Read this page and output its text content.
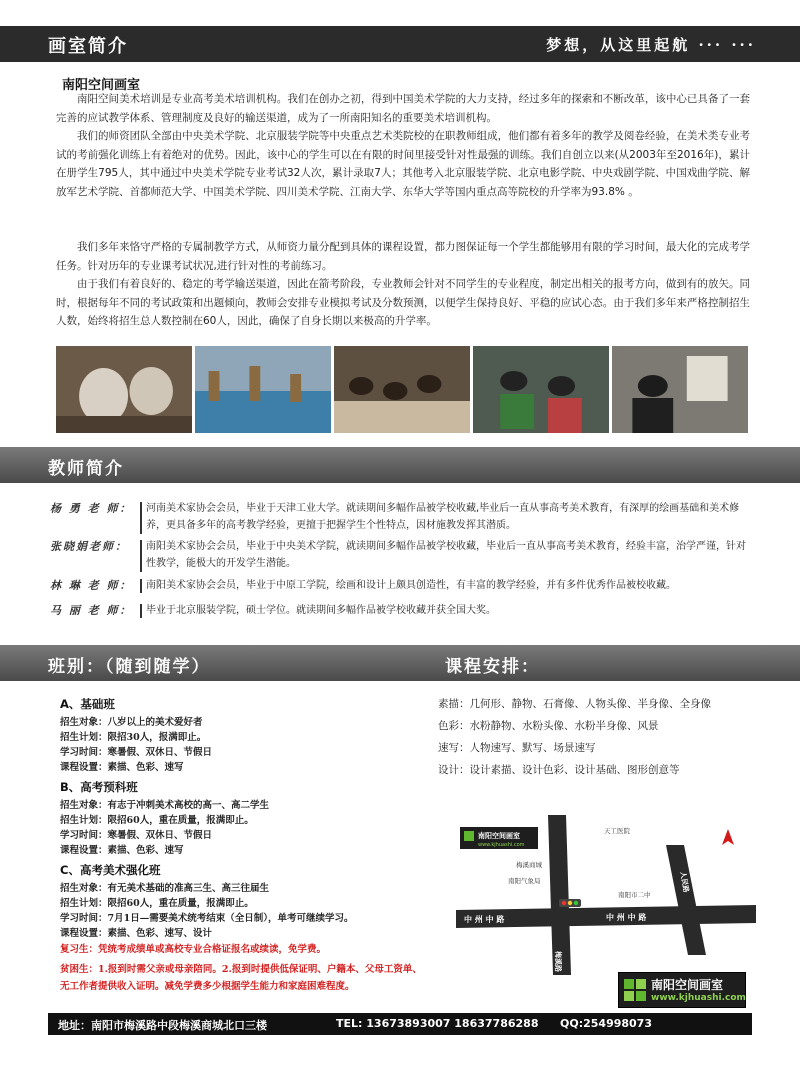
画室简介	梦想，从这里起航 ··· ···
南阳空间画室

南阳空间美术培训是专业高考美术培训机构。我们在创办之初，得到中国美术学院的大力支持，经过多年的探索和不断改革，该中心已具备了一套完善的应试教学体系、管理制度及良好的输送渠道，成为了一所南阳知名的重要美术培训机构。

我们的师资团队全部由中央美术学院、北京服装学院等中央重点艺术类院校的在职教师组成，他们都有着多年的教学及阅卷经验，在美术类专业考试的考前强化训练上有着绝对的优势。因此，该中心的学生可以在有限的时间里接受针对性最强的训练。我们自创立以来(从2003年至2016年)，累计在册学生795人，其中通过中央美术学院专业考试32人次，累计录取7人；其他考入北京服装学院、北京电影学院、中央戏剧学院、中国戏曲学院、解放军艺术学院、首都师范大学、中国美术学院、四川美术学院、江南大学、东华大学等国内重点高等院校的升学率为93.8% 。

我们多年来恪守严格的专属制教学方式，从师资力量分配到具体的课程设置，都力图保证每一个学生都能够用有限的学习时间，最大化的完成考学任务。针对历年的专业课考试状况,进行针对性的考前练习。

由于我们有着良好的、稳定的考学输送渠道，因此在箭考阶段，专业教师会针对不同学生的专业程度，制定出相关的报考方向，做到有的放矢。同时，根据每年不同的考试政策和出题倾向，教师会安排专业模拟考试及分数预测，以便学生保持良好、平稳的应试心态。由于我们多年来严格控制招生人数，始终将招生总人数控制在60人，因此，确保了自身长期以来极高的升学率。

教师简介
杨 勇 老 师：	河南美术家协会会员，毕业于天津工业大学。就读期间多幅作品被学校收藏,毕业后一直从事高考美术教育，有深厚的绘画基础和美术修养，更具备多年的高考教学经验，更擅于把握学生个性特点，因材施教发挥其潜质。
张晓娟老师：	南阳美术家协会会员，毕业于中央美术学院，就读期间多幅作品被学校收藏，毕业后一直从事高考美术教育，经验丰富，治学严谨，针对性教学，能极大的开发学生潜能。
林 琳 老 师：	南阳美术家协会会员，毕业于中原工学院，绘画和设计上颇具创造性，有丰富的教学经验，并有多件优秀作品被校收藏。
马 丽 老 师：	毕业于北京服装学院，硕士学位。就读期间多幅作品被学校收藏并获全国大奖。
班别：（随到随学）	课程安排：
A、基础班
招生对象：八岁以上的美术爱好者
招生计划：限招30人，报满即止。
学习时间：寒暑假、双休日、节假日
课程设置：素描、色彩、速写
B、高考预科班
招生对象：有志于冲刺美术高校的高一、高二学生
招生计划：限招60人，重在质量，报满即止。
学习时间：寒暑假、双休日、节假日
课程设置：素描、色彩、速写
C、高考美术强化班
招生对象：有无美术基础的准高三生、高三往届生
招生计划：限招60人，重在质量，报满即止。
学习时间：7月1日—需要美术统考结束（全日制），单考可继续学习。
课程设置：素描、色彩、速写、设计
复习生：凭统考成绩单或高校专业合格证报名或续读，免学费。
贫困生：1.报到时需父亲或母亲陪同。2.报到时提供低保证明、户籍本、父母工资单、无工作者提供收入证明。减免学费多少根据学生能力和家庭困难程度。
素描：几何形、静物、石膏像、人物头像、半身像、全身像
色彩：水粉静物、水粉头像、水粉半身像、风景
速写：人物速写、默写、场景速写
设计：设计素描、设计色彩、设计基础、图形创意等
南阳空间画室
www.kjhuashi.com
梅溪商城
天工医院
南阳气象局
南阳市二中
中 州 中 路	中 州 中 路
梅溪路
人民路
南阳空间画室
www.kjhuashi.com
地址：南阳市梅溪路中段梅溪商城北口三楼	TEL: 13673893007 18637786288 QQ:254998073
